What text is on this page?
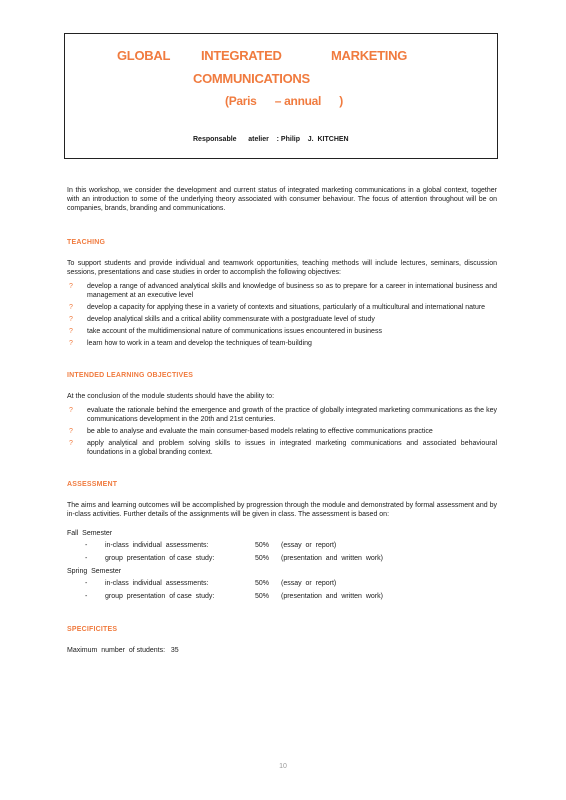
GLOBAL INTEGRATED	MARKETING

COMMUNICATIONS

(Paris      – annual      )

Responsable      atelier : Philip    J.  KITCHEN

In this workshop, we consider the development and current status of integrated marketing communications in a global context, together with an introduction to some of the underlying theory associated with consumer behaviour. The focus of attention throughout will be on companies, brands, branding and communications.

TEACHING

To support students and provide individual and teamwork opportunities, teaching methods will include lectures, seminars, discussion sessions, presentations and case studies in order to accomplish the following objectives:

? develop a range of advanced analytical skills and knowledge of business so as to prepare for a career in international business and management at an executive level
? develop a capacity for applying these in a variety of contexts and situations, particularly of a multicultural and international nature
? develop analytical skills and a critical ability commensurate with a postgraduate level of study
? take account of the multidimensional nature of communications issues encountered in business
? learn how to work in a team and develop the techniques of team-building
INTENDED LEARNING OBJECTIVES

At the conclusion of the module students should have the ability to:

? evaluate the rationale behind the emergence and growth of the practice of globally integrated marketing communications as the key communications development in the 20th and 21st centuries.
? be able to analyse and evaluate the main consumer-based models relating to effective communications practice
? apply analytical and problem solving skills to issues in integrated marketing communications and associated behavioural foundations in a global branding context.
ASSESSMENT

The aims and learning outcomes will be accomplished by progression through the module and demonstrated by formal assessment and by in-class activities. Further details of the assignments will be given in class. The assessment is based on:

Fall  Semester

-	in-class  individual  assessments:	50%	(essay  or  report)
-	group  presentation  of case  study:	50%	(presentation  and  written  work)

Spring  Semester

-	in-class  individual  assessments:	50%	(essay  or  report)
-	group  presentation  of case  study:	50%	(presentation  and  written  work)
SPECIFICITES

Maximum  number  of students:   35

10
